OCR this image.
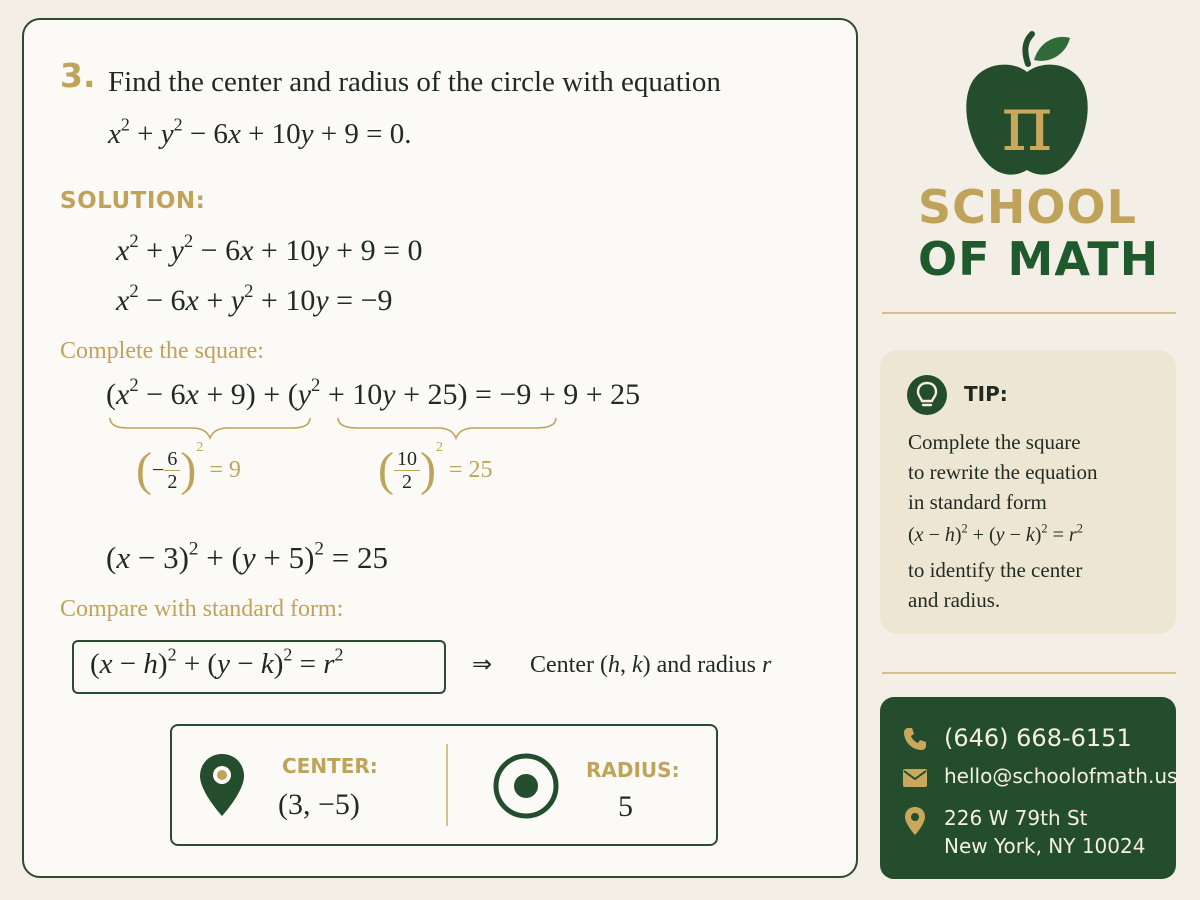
3. Find the center and radius of the circle with equation
$x^2 + y^2 - 6x + 10y + 9 = 0$.
SOLUTION:
$x^2 + y^2 - 6x + 10y + 9 = 0$
$x^2 - 6x + y^2 + 10y = -9$
Complete the square:
$(x^2 - 6x + 9) + (y^2 + 10y + 25) = -9 + 9 + 25$
(− $\frac{6}{2} )2= 9$	( $\frac{10}{2} )2= 25$
$(x - 3)^2 + (y + 5)^2 = 25$
Compare with standard form:
$(x - h)^2 + (y - k)^2 = r^2$	⇒ Center (h, k) and radius r
CENTER:
(3, −5)
RADIUS:
5
π
SCHOOL
OF MATH
TIP:
Complete the square
to rewrite the equation
in standard form
$(x - h)^2 + (y - k)^2 = r^2$
to identify the center
and radius.
(646) 668-6151
hello@schoolofmath.us
226 W 79th St
New York, NY 10024
